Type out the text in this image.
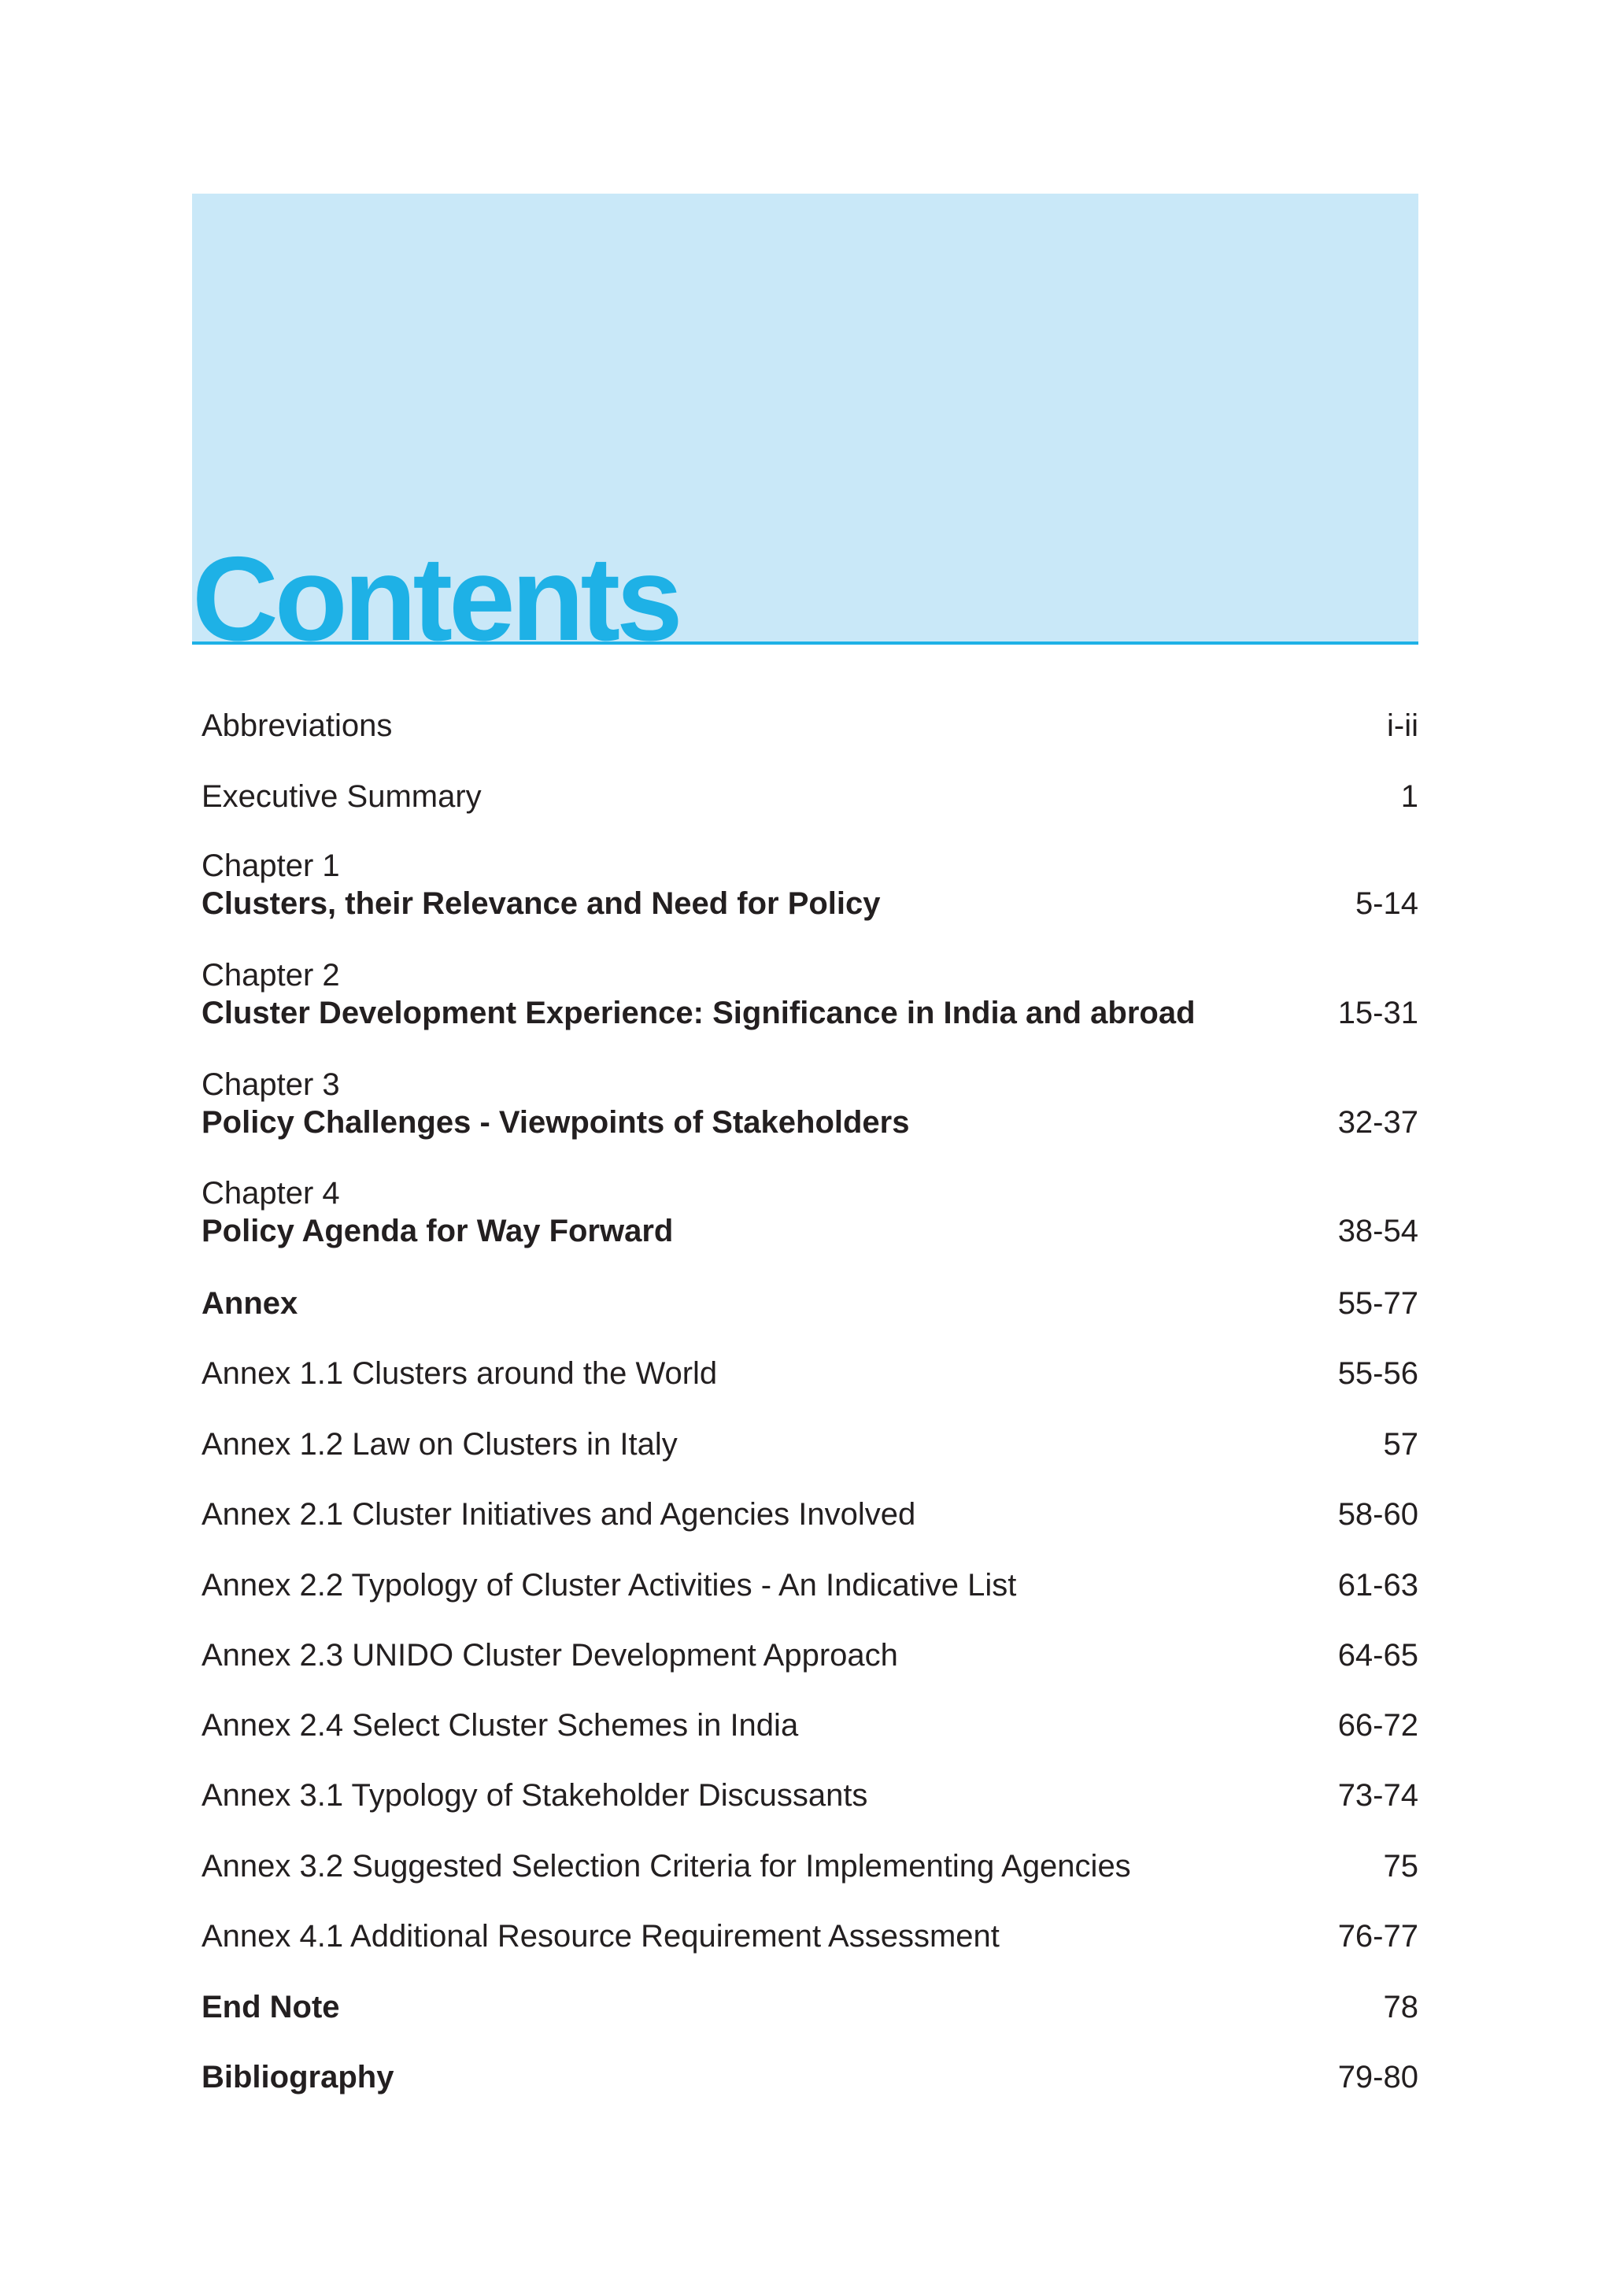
Contents
Abbreviations	i-ii
Executive Summary	1
Chapter 1
Clusters, their Relevance and Need for Policy	5-14
Chapter 2
Cluster Development Experience: Significance in India and abroad	15-31
Chapter 3
Policy Challenges - Viewpoints of Stakeholders	32-37
Chapter 4
Policy Agenda for Way Forward	38-54
Annex	55-77
Annex 1.1 Clusters around the World	55-56
Annex 1.2 Law on Clusters in Italy	57
Annex 2.1 Cluster Initiatives and Agencies Involved	58-60
Annex 2.2 Typology of Cluster Activities - An Indicative List	61-63
Annex 2.3 UNIDO Cluster Development Approach	64-65
Annex 2.4 Select Cluster Schemes in India	66-72
Annex 3.1 Typology of Stakeholder Discussants	73-74
Annex 3.2 Suggested Selection Criteria for Implementing Agencies	75
Annex 4.1 Additional Resource Requirement Assessment	76-77
End Note	78
Bibliography	79-80
